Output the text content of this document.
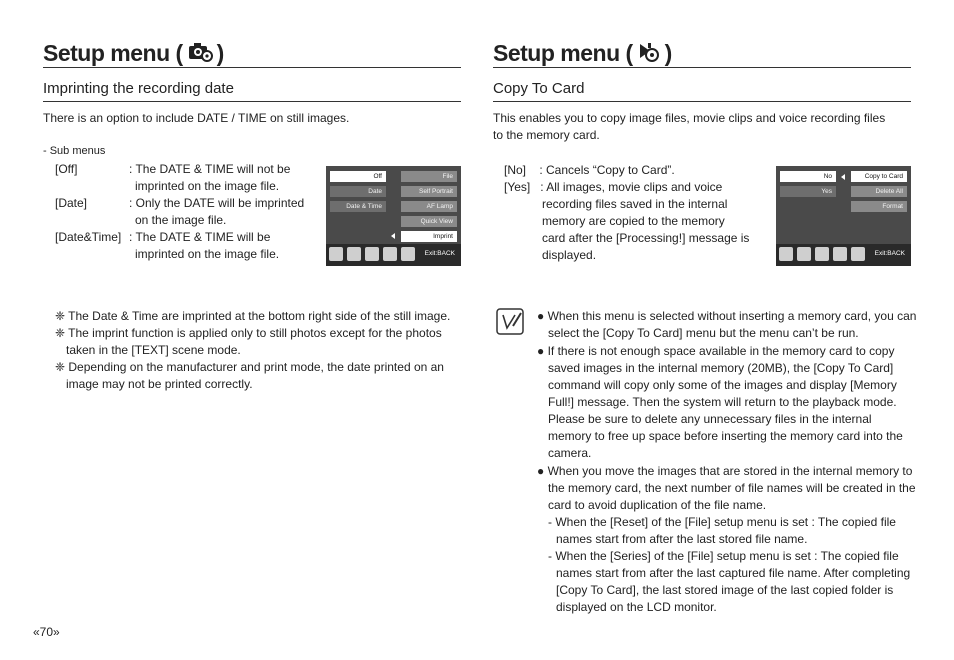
Setup menu ( )
Imprinting the recording date
There is an option to include DATE / TIME on still images.
- Sub menus
[Off]	: The DATE & TIME will not be
imprinted on the image file.
[Date]	: Only the DATE will be imprinted
on the image file.
[Date&Time] : The DATE & TIME will be
imprinted on the image file.
Off
Date
Date & Time
File
Self Portrait
AF Lamp
Quick View
Imprint
Exit:BACK
❈ The Date & Time are imprinted at the bottom right side of the still image.
❈ The imprint function is applied only to still photos except for the photos
taken in the [TEXT] scene mode.
❈ Depending on the manufacturer and print mode, the date printed on an
image may not be printed correctly.
«70»
Setup menu ( )
Copy To Card
This enables you to copy image files, movie clips and voice recording files
to the memory card.
[No]    : Cancels “Copy to Card”.
[Yes]   : All images, movie clips and voice
recording files saved in the internal
memory are copied to the memory
card after the [Processing!] message is
displayed.
No
Yes
Copy to Card
Delete All
Format
Exit:BACK
● When this menu is selected without inserting a memory card, you can
select the [Copy To Card] menu but the menu can’t be run.
● If there is not enough space available in the memory card to copy
saved images in the internal memory (20MB), the [Copy To Card]
command will copy only some of the images and display [Memory
Full!] message. Then the system will return to the playback mode.
Please be sure to delete any unnecessary files in the internal
memory to free up space before inserting the memory card into the
camera.
● When you move the images that are stored in the internal memory to
the memory card, the next number of file names will be created in the
card to avoid duplication of the file name.
- When the [Reset] of the [File] setup menu is set : The copied file
names start from after the last stored file name.
- When the [Series] of the [File] setup menu is set : The copied file
names start from after the last captured file name. After completing
[Copy To Card], the last stored image of the last copied folder is
displayed on the LCD monitor.
